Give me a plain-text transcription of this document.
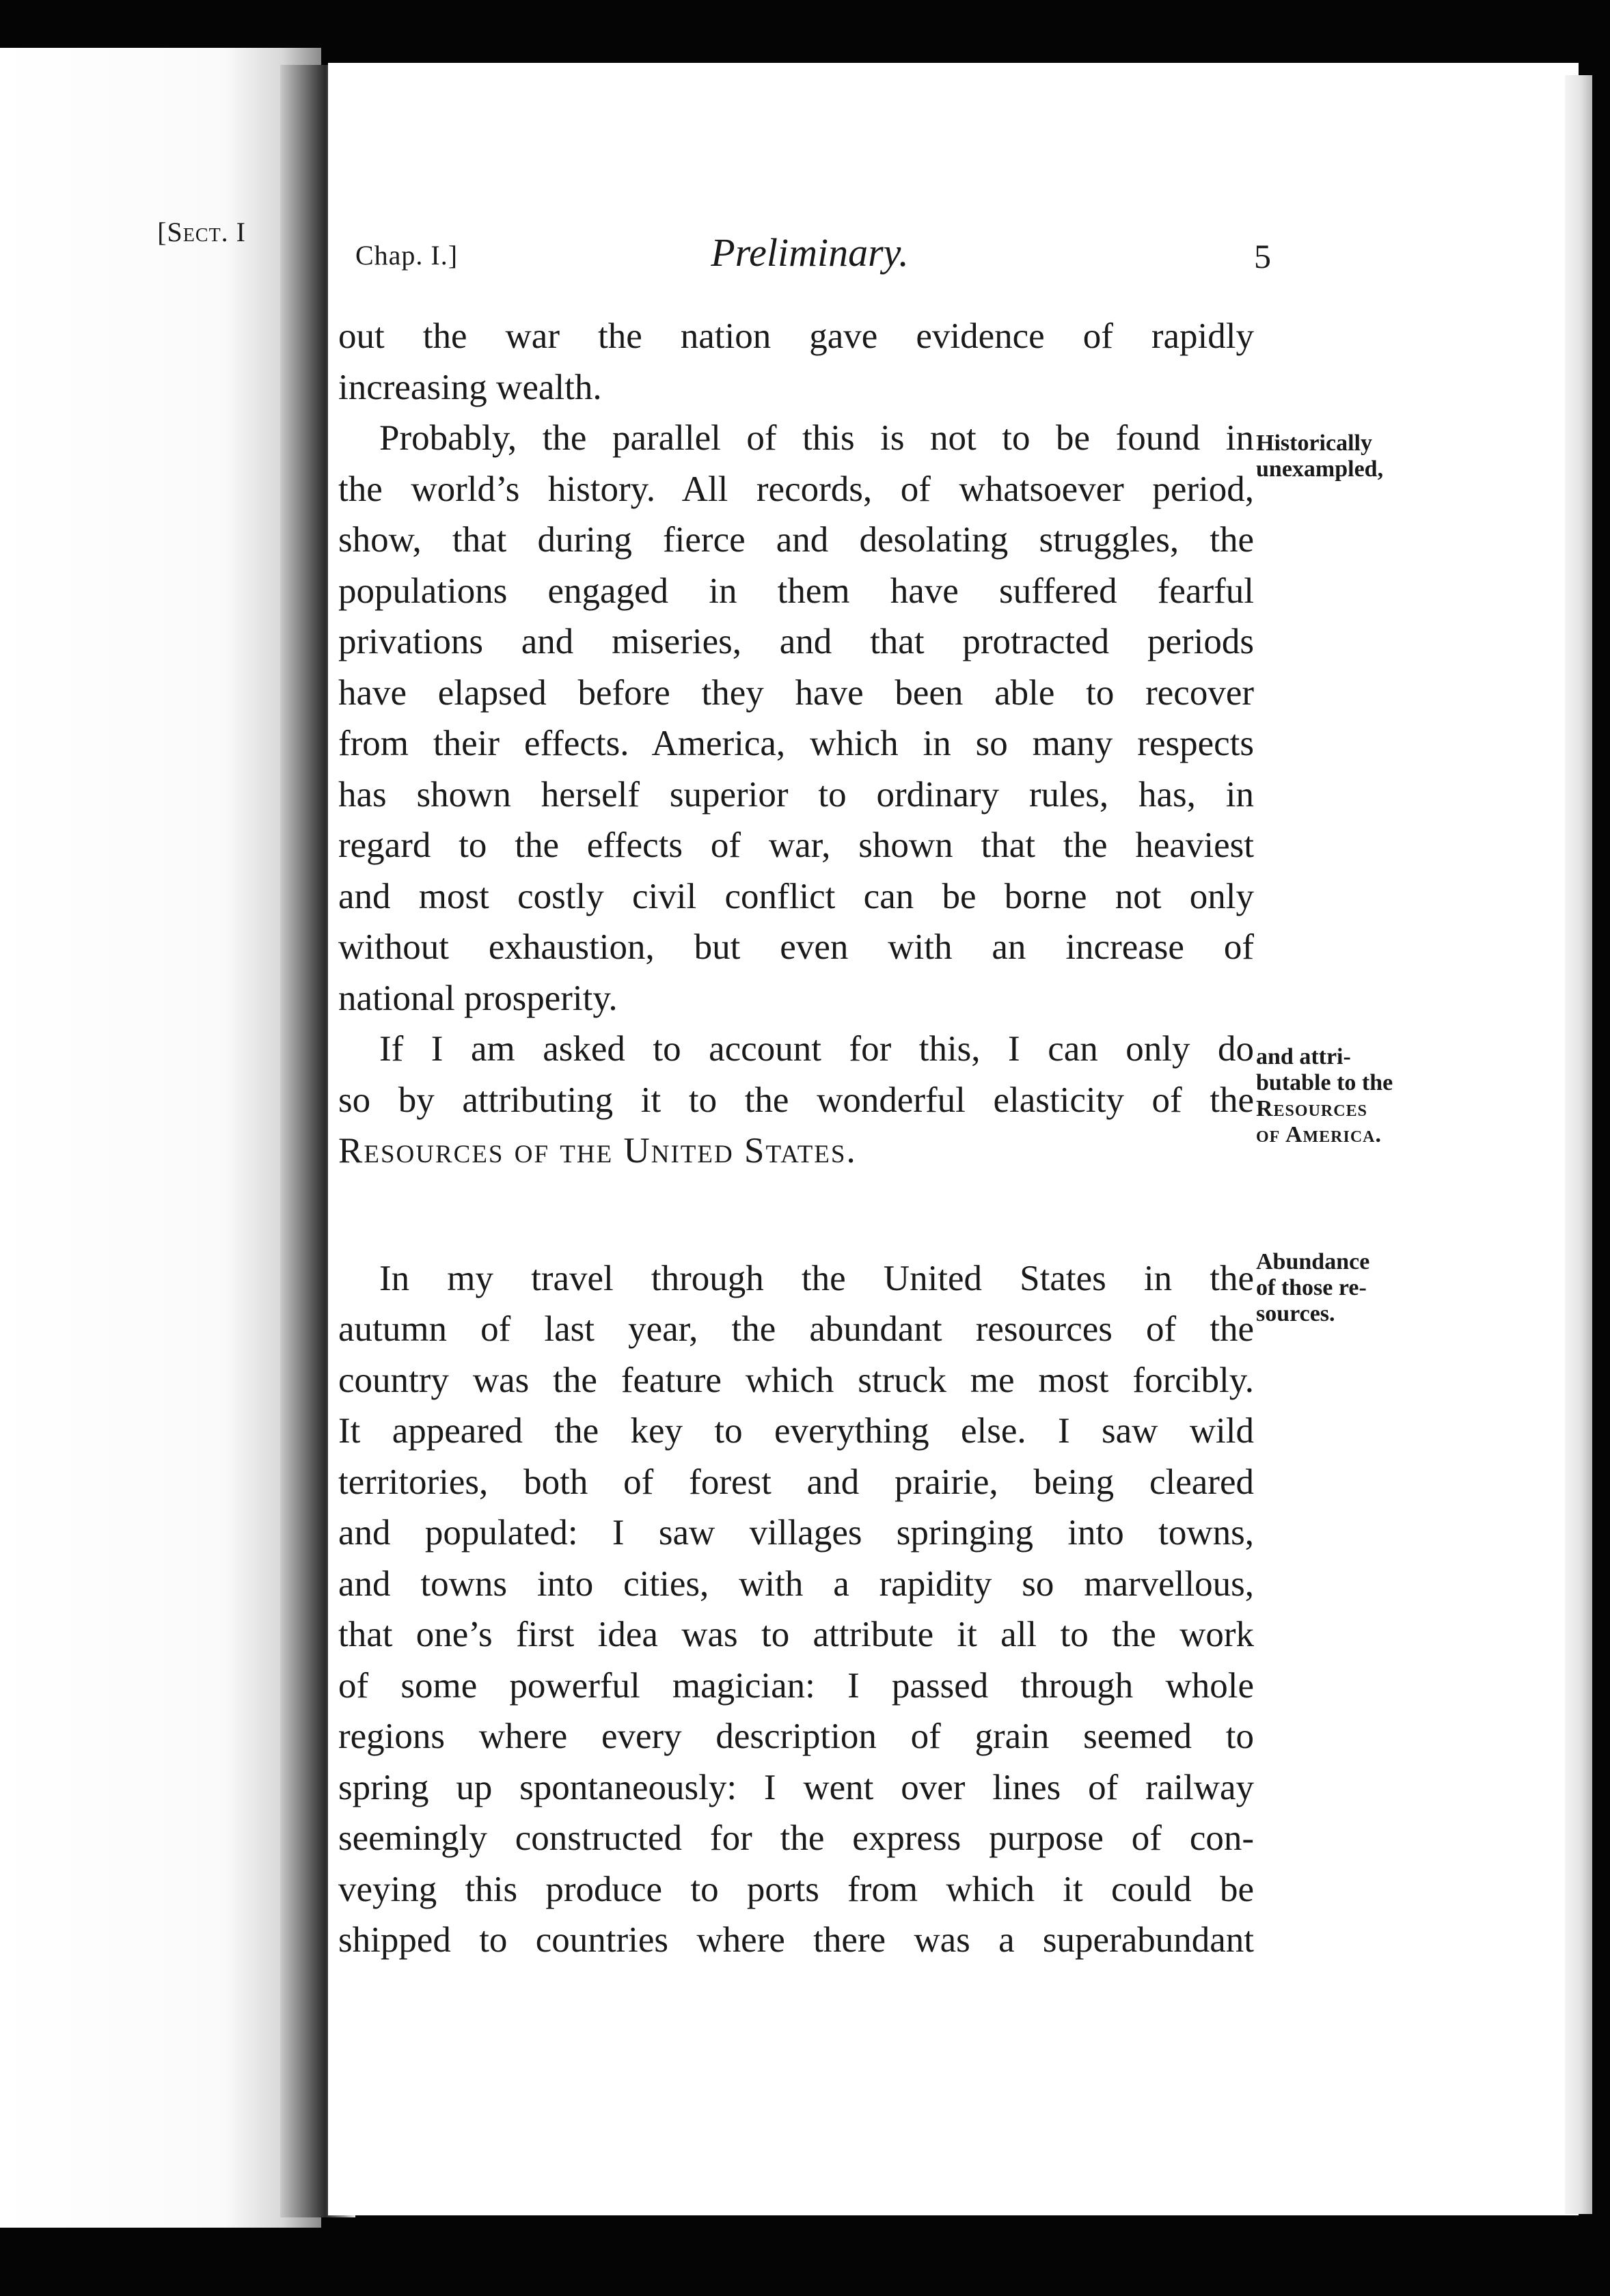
[Sect. I
Chap. I.]	Preliminary.	5
out the war the nation gave evidence of rapidly
increasing wealth.
Probably, the parallel of this is not to be found in
the world’s history. All records, of whatsoever period,
show, that during fierce and desolating struggles, the
populations engaged in them have suffered fearful
privations and miseries, and that protracted periods
have elapsed before they have been able to recover
from their effects. America, which in so many respects
has shown herself superior to ordinary rules, has, in
regard to the effects of war, shown that the heaviest
and most costly civil conflict can be borne not only
without exhaustion, but even with an increase of
national prosperity.
If I am asked to account for this, I can only do
so by attributing it to the wonderful elasticity of the
Resources of the United States.
In my travel through the United States in the
autumn of last year, the abundant resources of the
country was the feature which struck me most forcibly.
It appeared the key to everything else. I saw wild
territories, both of forest and prairie, being cleared
and populated: I saw villages springing into towns,
and towns into cities, with a rapidity so marvellous,
that one’s first idea was to attribute it all to the work
of some powerful magician: I passed through whole
regions where every description of grain seemed to
spring up spontaneously: I went over lines of railway
seemingly constructed for the express purpose of con-
veying this produce to ports from which it could be
shipped to countries where there was a superabundant
Historically
unexampled,
and attri-
butable to the
Resources
of America.
Abundance
of those re-
sources.
